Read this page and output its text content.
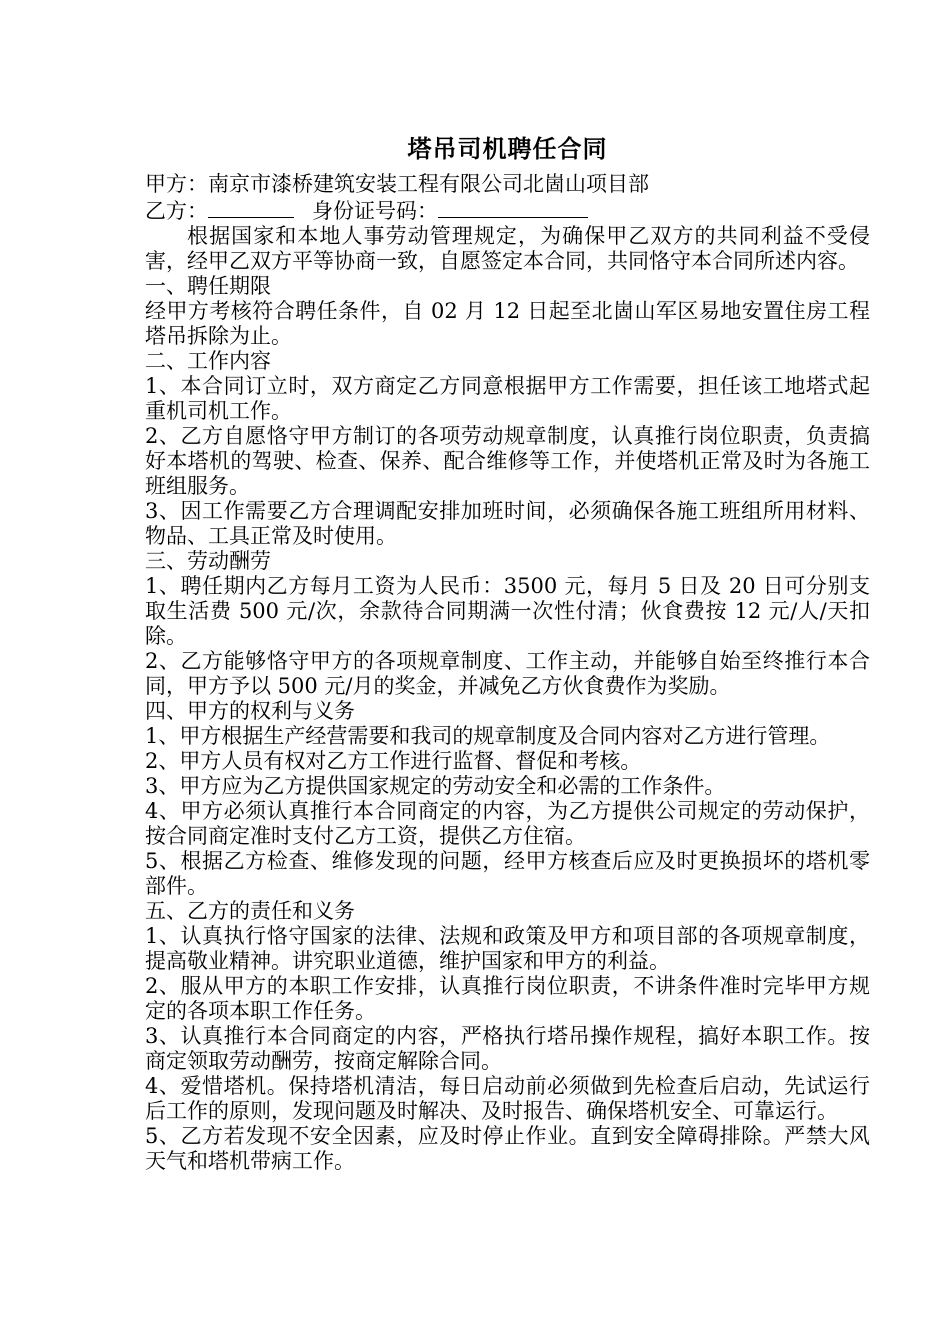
塔吊司机聘任合同

甲方：南京市漆桥建筑安装工程有限公司北崮山项目部

乙方：	身份证号码：

根据国家和本地人事劳动管理规定，为确保甲乙双方的共同利益不受侵害，经甲乙双方平等协商一致，自愿签定本合同，共同恪守本合同所述内容。

一、聘任期限

经甲方考核符合聘任条件，自 02 月 12 日起至北崮山军区易地安置住房工程塔吊拆除为止。

二、工作内容

1、本合同订立时，双方商定乙方同意根据甲方工作需要，担任该工地塔式起重机司机工作。

2、乙方自愿恪守甲方制订的各项劳动规章制度，认真推行岗位职责，负责搞好本塔机的驾驶、检查、保养、配合维修等工作，并使塔机正常及时为各施工班组服务。

3、因工作需要乙方合理调配安排加班时间，必须确保各施工班组所用材料、物品、工具正常及时使用。

三、劳动酬劳

1、聘任期内乙方每月工资为人民币：3500 元，每月 5 日及 20 日可分别支取生活费 500 元/次，余款待合同期满一次性付清；伙食费按 12 元/人/天扣除。

2、乙方能够恪守甲方的各项规章制度、工作主动，并能够自始至终推行本合同，甲方予以 500 元/月的奖金，并减免乙方伙食费作为奖励。

四、甲方的权利与义务

1、甲方根据生产经营需要和我司的规章制度及合同内容对乙方进行管理。

2、甲方人员有权对乙方工作进行监督、督促和考核。

3、甲方应为乙方提供国家规定的劳动安全和必需的工作条件。

4、甲方必须认真推行本合同商定的内容，为乙方提供公司规定的劳动保护，按合同商定准时支付乙方工资，提供乙方住宿。

5、根据乙方检查、维修发现的问题，经甲方核查后应及时更换损坏的塔机零部件。

五、乙方的责任和义务

1、认真执行恪守国家的法律、法规和政策及甲方和项目部的各项规章制度，提高敬业精神。讲究职业道德，维护国家和甲方的利益。

2、服从甲方的本职工作安排，认真推行岗位职责，不讲条件准时完毕甲方规定的各项本职工作任务。

3、认真推行本合同商定的内容，严格执行塔吊操作规程，搞好本职工作。按商定领取劳动酬劳，按商定解除合同。

4、爱惜塔机。保持塔机清洁，每日启动前必须做到先检查后启动，先试运行后工作的原则，发现问题及时解决、及时报告、确保塔机安全、可靠运行。

5、乙方若发现不安全因素，应及时停止作业。直到安全障碍排除。严禁大风天气和塔机带病工作。
